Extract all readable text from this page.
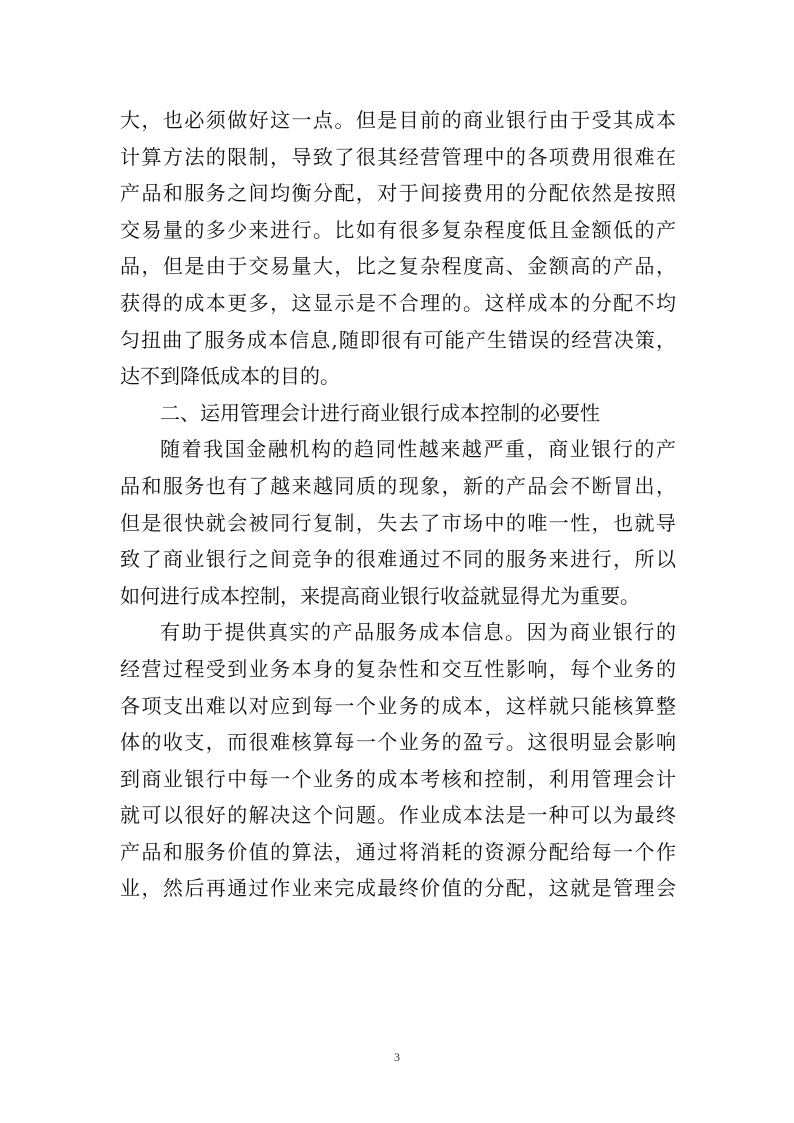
大，也必须做好这一点。但是目前的商业银行由于受其成本
计算方法的限制，导致了很其经营管理中的各项费用很难在
产品和服务之间均衡分配，对于间接费用的分配依然是按照
交易量的多少来进行。比如有很多复杂程度低且金额低的产
品，但是由于交易量大，比之复杂程度高、金额高的产品，
获得的成本更多，这显示是不合理的。这样成本的分配不均
匀扭曲了服务成本信息,随即很有可能产生错误的经营决策，
达不到降低成本的目的。
二、运用管理会计进行商业银行成本控制的必要性
随着我国金融机构的趋同性越来越严重，商业银行的产
品和服务也有了越来越同质的现象，新的产品会不断冒出，
但是很快就会被同行复制，失去了市场中的唯一性，也就导
致了商业银行之间竞争的很难通过不同的服务来进行，所以
如何进行成本控制，来提高商业银行收益就显得尤为重要。
有助于提供真实的产品服务成本信息。因为商业银行的
经营过程受到业务本身的复杂性和交互性影响，每个业务的
各项支出难以对应到每一个业务的成本，这样就只能核算整
体的收支，而很难核算每一个业务的盈亏。这很明显会影响
到商业银行中每一个业务的成本考核和控制，利用管理会计
就可以很好的解决这个问题。作业成本法是一种可以为最终
产品和服务价值的算法，通过将消耗的资源分配给每一个作
业，然后再通过作业来完成最终价值的分配，这就是管理会
3
